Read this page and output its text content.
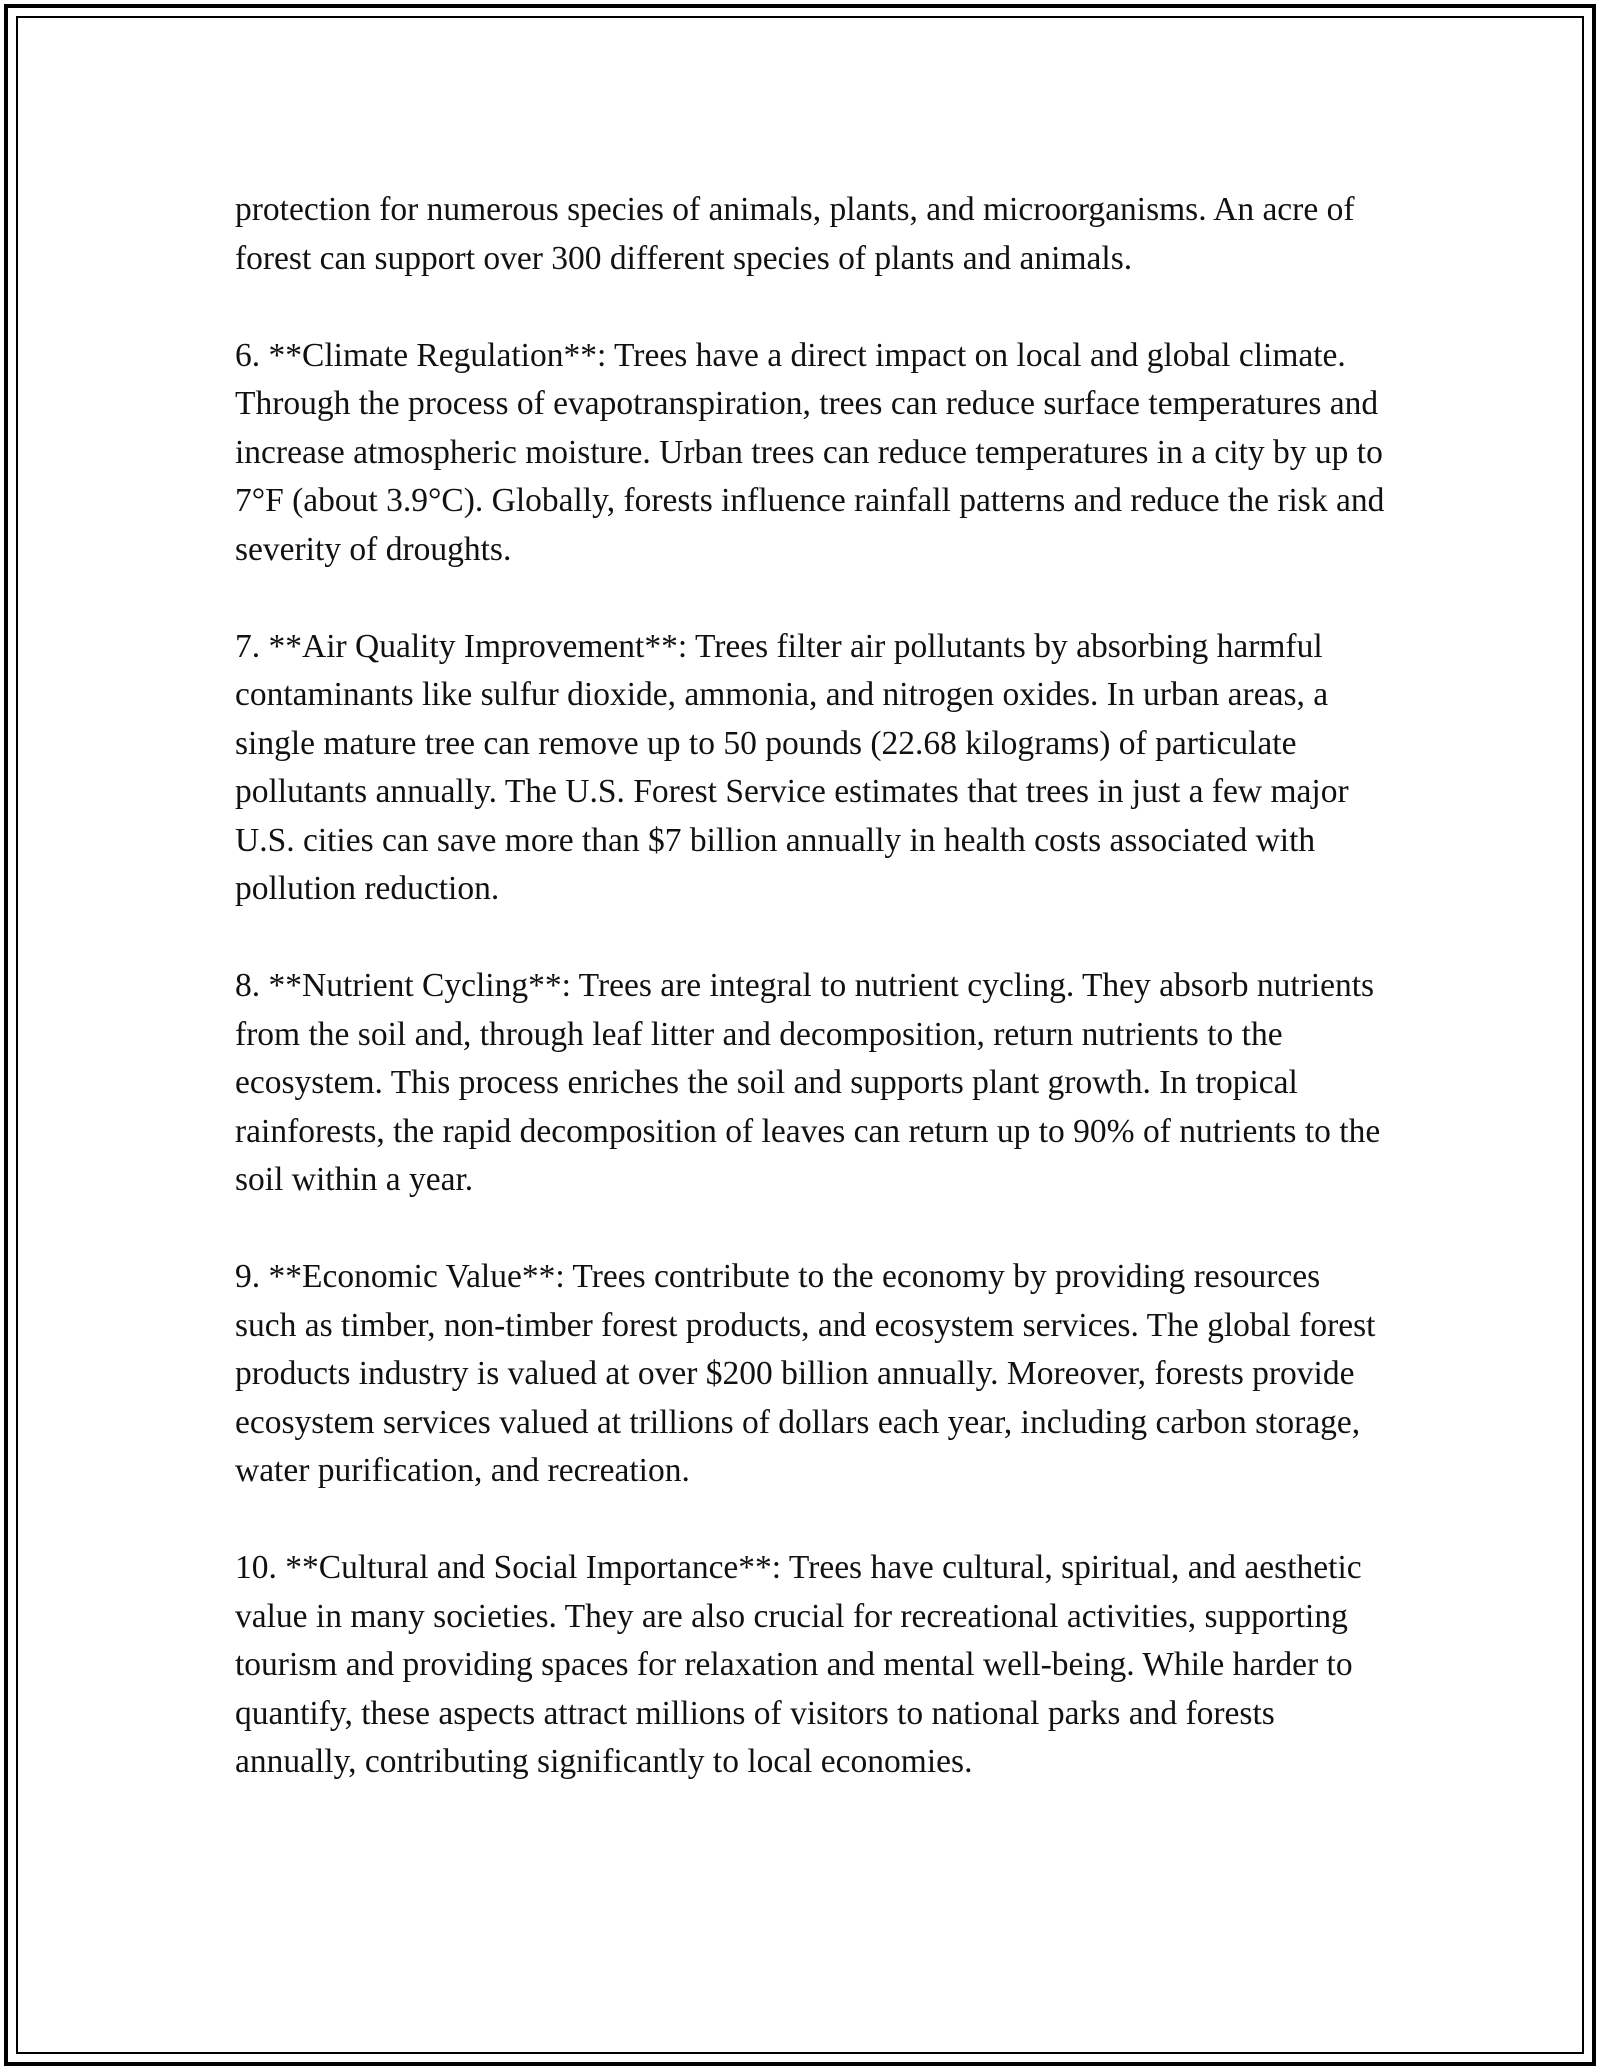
protection for numerous species of animals, plants, and microorganisms. An acre of forest can support over 300 different species of plants and animals.

6. **Climate Regulation**: Trees have a direct impact on local and global climate. Through the process of evapotranspiration, trees can reduce surface temperatures and increase atmospheric moisture. Urban trees can reduce temperatures in a city by up to 7°F (about 3.9°C). Globally, forests influence rainfall patterns and reduce the risk and severity of droughts.

7. **Air Quality Improvement**: Trees filter air pollutants by absorbing harmful contaminants like sulfur dioxide, ammonia, and nitrogen oxides. In urban areas, a single mature tree can remove up to 50 pounds (22.68 kilograms) of particulate pollutants annually. The U.S. Forest Service estimates that trees in just a few major U.S. cities can save more than $7 billion annually in health costs associated with pollution reduction.

8. **Nutrient Cycling**: Trees are integral to nutrient cycling. They absorb nutrients from the soil and, through leaf litter and decomposition, return nutrients to the ecosystem. This process enriches the soil and supports plant growth. In tropical rainforests, the rapid decomposition of leaves can return up to 90% of nutrients to the soil within a year.

9. **Economic Value**: Trees contribute to the economy by providing resources such as timber, non-timber forest products, and ecosystem services. The global forest products industry is valued at over $200 billion annually. Moreover, forests provide ecosystem services valued at trillions of dollars each year, including carbon storage, water purification, and recreation.

10. **Cultural and Social Importance**: Trees have cultural, spiritual, and aesthetic value in many societies. They are also crucial for recreational activities, supporting tourism and providing spaces for relaxation and mental well-being. While harder to quantify, these aspects attract millions of visitors to national parks and forests annually, contributing significantly to local economies.
